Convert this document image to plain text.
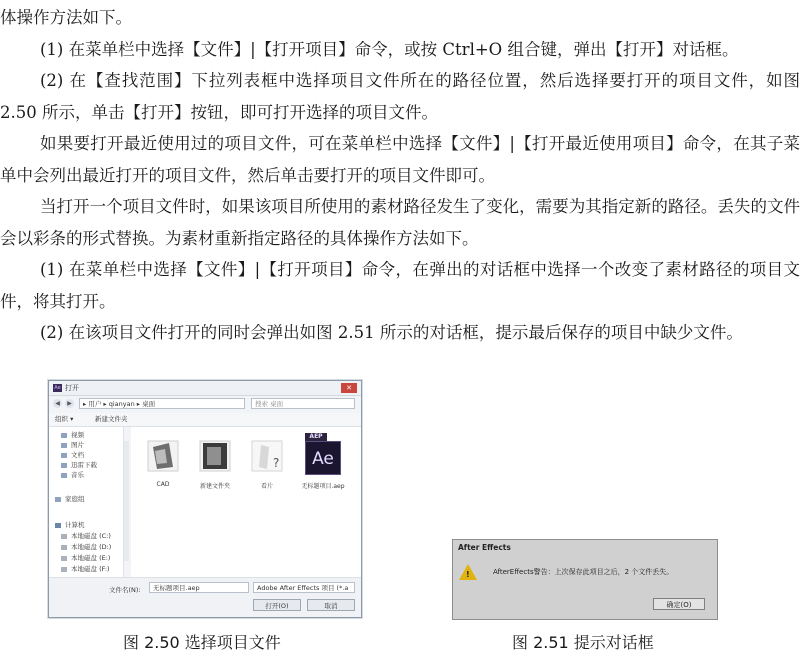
体操作方法如下。

(1) 在菜单栏中选择【文件】|【打开项目】命令，或按 Ctrl+O 组合键，弹出【打开】对话框。

(2) 在【查找范围】下拉列表框中选择项目文件所在的路径位置，然后选择要打开的项目文件，如图 2.50 所示，单击【打开】按钮，即可打开选择的项目文件。

如果要打开最近使用过的项目文件，可在菜单栏中选择【文件】|【打开最近使用项目】命令，在其子菜单中会列出最近打开的项目文件，然后单击要打开的项目文件即可。

当打开一个项目文件时，如果该项目所使用的素材路径发生了变化，需要为其指定新的路径。丢失的文件会以彩条的形式替换。为素材重新指定路径的具体操作方法如下。

(1) 在菜单栏中选择【文件】|【打开项目】命令，在弹出的对话框中选择一个改变了素材路径的项目文件，将其打开。

(2) 在该项目文件打开的同时会弹出如图 2.51 所示的对话框，提示最后保存的项目中缺少文件。

Ae 打开	✕
◀	▶	▸ 用户 ▸ qianyan ▸ 桌面	搜索 桌面
组织 ▾	新建文件夹
视频
图片
文档
迅雷下载
音乐
家庭组
计算机
本地磁盘 (C:)
本地磁盘 (D:)
本地磁盘 (E:)
本地磁盘 (F:)
CAD	新建文件夹
?
看片
AEP
Ae
无标题项目.aep
文件名(N):	无标题项目.aep	Adobe After Effects 项目 (*.a
打开(O)	取消
After Effects
!	AfterEffects警告：上次保存此项目之后，2 个文件丢失。
确定(O)
图 2.50 选择项目文件	图 2.51 提示对话框
